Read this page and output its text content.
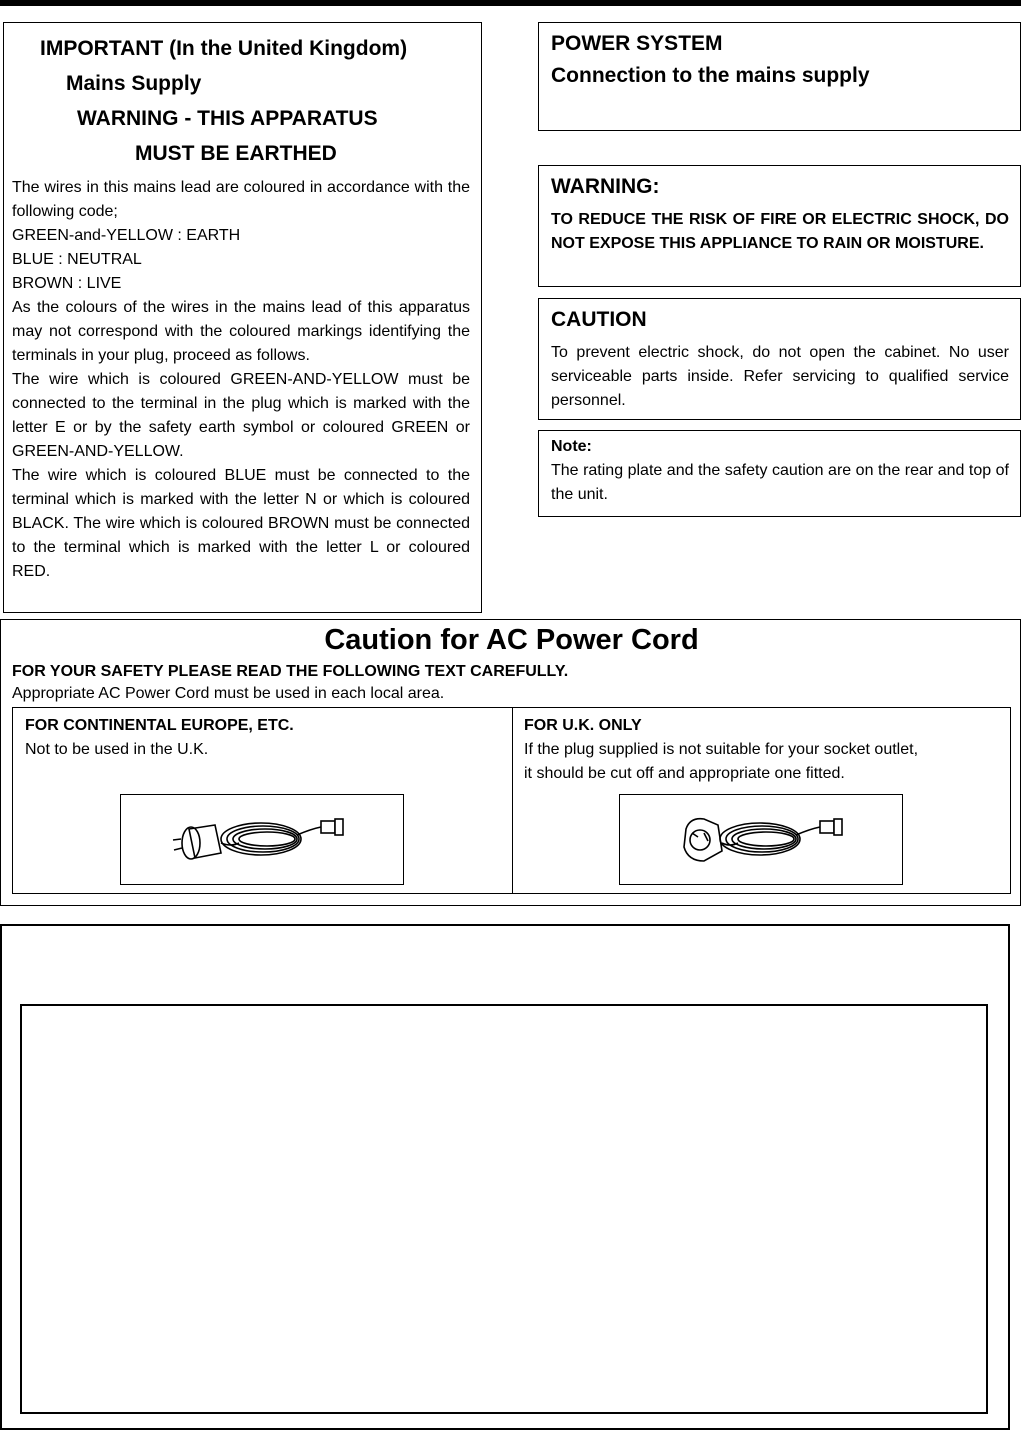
IMPORTANT (In the United Kingdom)
Mains Supply
WARNING - THIS APPARATUS
MUST BE EARTHED

The wires in this mains lead are coloured in accordance with the following code;

GREEN-and-YELLOW : EARTH

BLUE : NEUTRAL

BROWN : LIVE

As the colours of the wires in the mains lead of this apparatus may not correspond with the coloured markings identifying the terminals in your plug, proceed as follows.

The wire which is coloured GREEN-AND-YELLOW must be connected to the terminal in the plug which is marked with the letter E or by the safety earth symbol or coloured GREEN or GREEN-AND-YELLOW.

The wire which is coloured BLUE must be connected to the terminal which is marked with the letter N or which is coloured BLACK. The wire which is coloured BROWN must be connected to the terminal which is marked with the letter L or coloured RED.

POWER SYSTEM
Connection to the mains supply
WARNING:

TO REDUCE THE RISK OF FIRE OR ELECTRIC SHOCK, DO NOT EXPOSE THIS APPLIANCE TO RAIN OR MOISTURE.

CAUTION

To prevent electric shock, do not open the cabinet. No user serviceable parts inside. Refer servicing to qualified service personnel.

Note:

The rating plate and the safety caution are on the rear and top of the unit.

Caution for AC Power Cord
FOR YOUR SAFETY PLEASE READ THE FOLLOWING TEXT CAREFULLY.
Appropriate AC Power Cord must be used in each local area.
FOR CONTINENTAL EUROPE, ETC.
Not to be used in the U.K.
FOR U.K. ONLY
If the plug supplied is not suitable for your socket outlet,
it should be cut off and appropriate one fitted.
